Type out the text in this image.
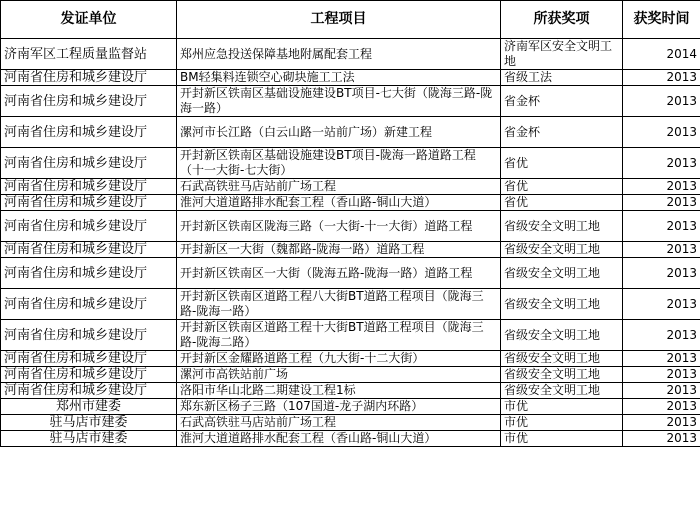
发证单位	工程项目	所获奖项	获奖时间
济南军区工程质量监督站	郑州应急投送保障基地附属配套工程	济南军区安全文明工地	2014
河南省住房和城乡建设厅	BM轻集料连锁空心砌块施工工法	省级工法	2013
河南省住房和城乡建设厅	开封新区铁南区基础设施建设BT项目-七大街（陇海三路-陇海一路）	省金杯	2013
河南省住房和城乡建设厅	漯河市长江路（白云山路一站前广场）新建工程	省金杯	2013
河南省住房和城乡建设厅	开封新区铁南区基础设施建设BT项目-陇海一路道路工程（十一大街-七大街）	省优	2013
河南省住房和城乡建设厅	石武高铁驻马店站前广场工程	省优	2013
河南省住房和城乡建设厅	淮河大道道路排水配套工程（香山路-铜山大道）	省优	2013
河南省住房和城乡建设厅	开封新区铁南区陇海三路（一大街-十一大街）道路工程	省级安全文明工地	2013
河南省住房和城乡建设厅	开封新区一大街（魏都路-陇海一路）道路工程	省级安全文明工地	2013
河南省住房和城乡建设厅	开封新区铁南区一大街（陇海五路-陇海一路）道路工程	省级安全文明工地	2013
河南省住房和城乡建设厅	开封新区铁南区道路工程八大街BT道路工程项目（陇海三路-陇海一路）	省级安全文明工地	2013
河南省住房和城乡建设厅	开封新区铁南区道路工程十大街BT道路工程项目（陇海三路-陇海二路）	省级安全文明工地	2013
河南省住房和城乡建设厅	开封新区金耀路道路工程（九大街-十二大街）	省级安全文明工地	2013
河南省住房和城乡建设厅	漯河市高铁站前广场	省级安全文明工地	2013
河南省住房和城乡建设厅	洛阳市华山北路二期建设工程1标	省级安全文明工地	2013
郑州市建委	郑东新区杨子三路（107国道-龙子湖内环路）	市优	2013
驻马店市建委	石武高铁驻马店站前广场工程	市优	2013
驻马店市建委	淮河大道道路排水配套工程（香山路-铜山大道）	市优	2013
